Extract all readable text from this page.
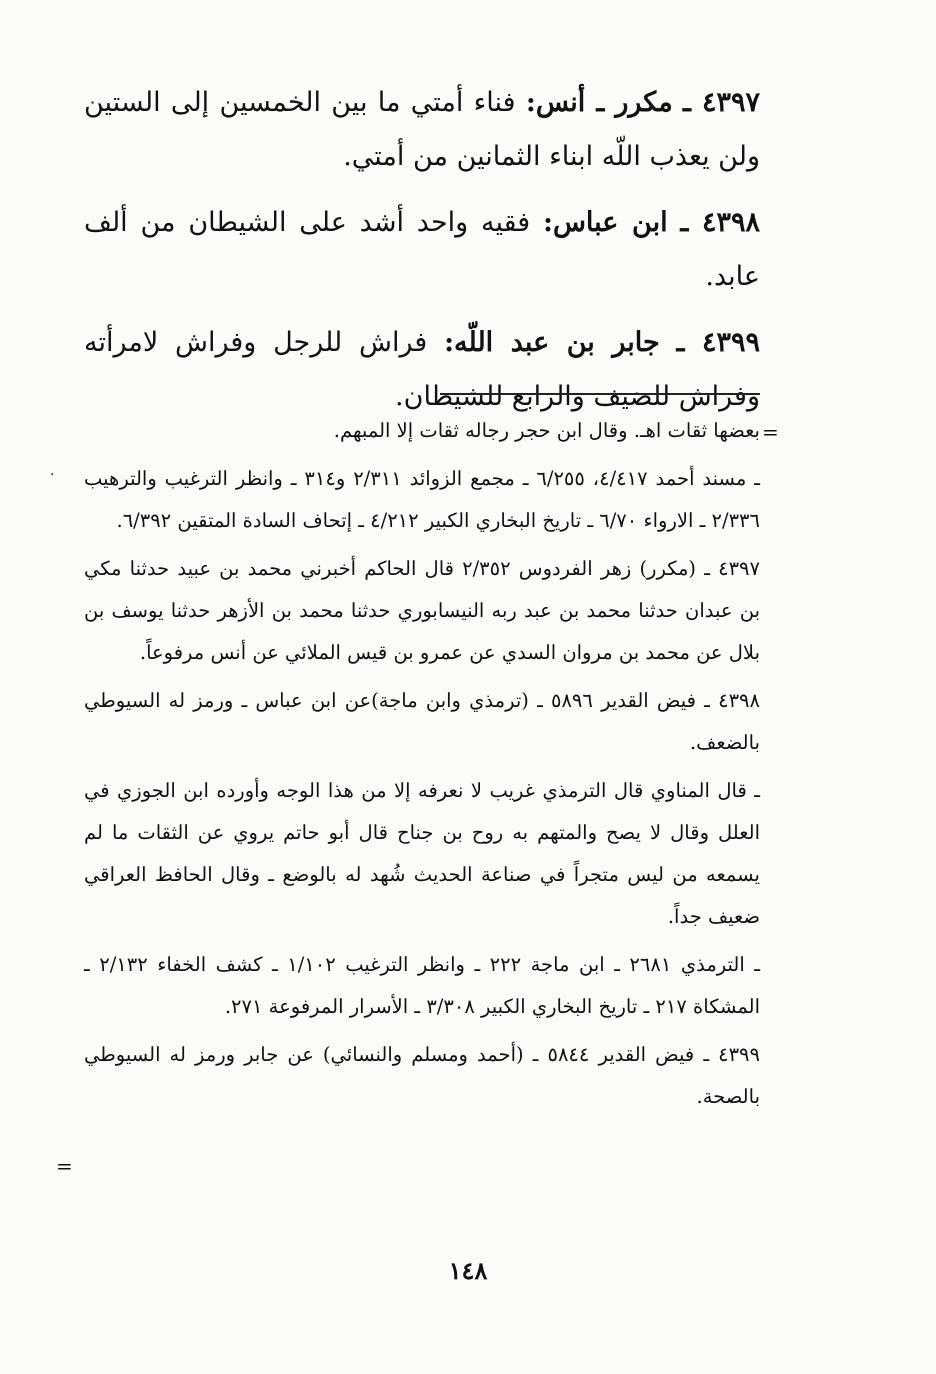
٤٣٩٧ ـ مكرر ـ أنس: فناء أمتي ما بين الخمسين إلى الستين ولن يعذب اللّه ابناء الثمانين من أمتي.

٤٣٩٨ ـ ابن عباس: فقيه واحد أشد على الشيطان من ألف عابد.

٤٣٩٩ ـ جابر بن عبد اللّه: فراش للرجل وفراش لامرأته وفراش للضيف والرابع للشيطان.

=
.

بعضها ثقات اهـ. وقال ابن حجر رجاله ثقات إلا المبهم.

ـ مسند أحمد ٤/٤١٧، ٦/٢٥٥ ـ مجمع الزوائد ٢/٣١١ و٣١٤ ـ وانظر الترغيب والترهيب ٢/٣٣٦ ـ الارواء ٦/٧٠ ـ تاريخ البخاري الكبير ٤/٢١٢ ـ إتحاف السادة المتقين ٦/٣٩٢.

٤٣٩٧ ـ (مكرر) زهر الفردوس ٢/٣٥٢ قال الحاكم أخبرني محمد بن عبيد حدثنا مكي بن عبدان حدثنا محمد بن عبد ربه النيسابوري حدثنا محمد بن الأزهر حدثنا يوسف بن بلال عن محمد بن مروان السدي عن عمرو بن قيس الملائي عن أنس مرفوعاً.

٤٣٩٨ ـ فيض القدير ٥٨٩٦ ـ (ترمذي وابن ماجة)عن ابن عباس ـ ورمز له السيوطي بالضعف.

ـ قال المناوي قال الترمذي غريب لا نعرفه إلا من هذا الوجه وأورده ابن الجوزي في العلل وقال لا يصح والمتهم به روح بن جناح قال أبو حاتم يروي عن الثقات ما لم يسمعه من ليس متجراً في صناعة الحديث شُهد له بالوضع ـ وقال الحافظ العراقي ضعيف جداً.

ـ الترمذي ٢٦٨١ ـ ابن ماجة ٢٢٢ ـ وانظر الترغيب ١/١٠٢ ـ كشف الخفاء ٢/١٣٢ ـ المشكاة ٢١٧ ـ تاريخ البخاري الكبير ٣/٣٠٨ ـ الأسرار المرفوعة ٢٧١.

٤٣٩٩ ـ فيض القدير ٥٨٤٤ ـ (أحمد ومسلم والنسائي) عن جابر ورمز له السيوطي بالصحة.

=
١٤٨
